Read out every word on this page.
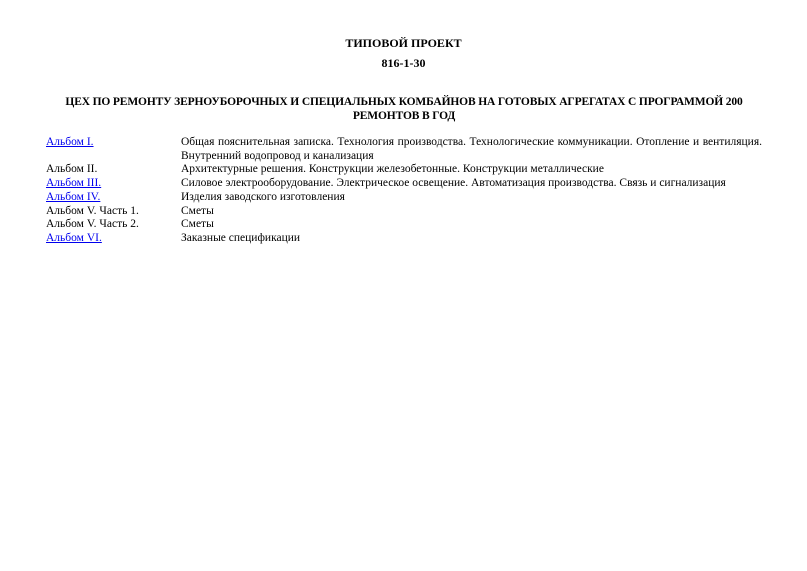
ТИПОВОЙ ПРОЕКТ
816-1-30
ЦЕХ ПО РЕМОНТУ ЗЕРНОУБОРОЧНЫХ И СПЕЦИАЛЬНЫХ КОМБАЙНОВ НА ГОТОВЫХ АГРЕГАТАХ С ПРОГРАММОЙ 200 РЕМОНТОВ В ГОД
Альбом I.	Общая пояснительная записка. Технология производства. Технологические коммуникации. Отопление и вентиляция. Внутренний водопровод и канализация
Альбом II.	Архитектурные решения. Конструкции железобетонные. Конструкции металлические
Альбом III.	Силовое электрооборудование. Электрическое освещение. Автоматизация производства. Связь и сигнализация
Альбом IV.	Изделия заводского изготовления
Альбом V. Часть 1.	Сметы
Альбом V. Часть 2.	Сметы
Альбом VI.	Заказные спецификации
